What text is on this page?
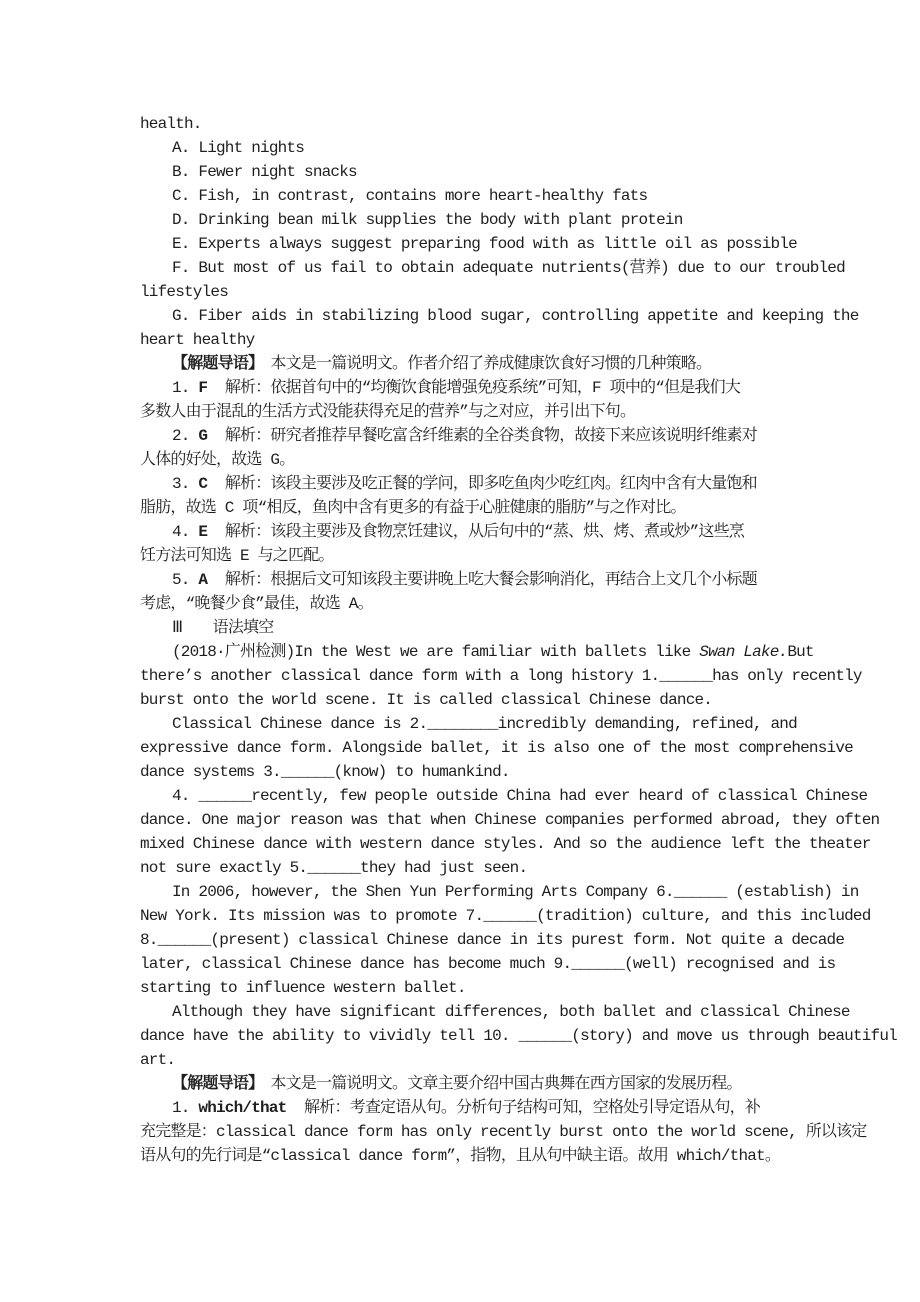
health.
A. Light nights
B. Fewer night snacks
C. Fish, in contrast, contains more heart-healthy fats
D. Drinking bean milk supplies the body with plant protein
E. Experts always suggest preparing food with as little oil as possible
F. But most of us fail to obtain adequate nutrients(营养) due to our troubled
lifestyles
G. Fiber aids in stabilizing blood sugar, controlling appetite and keeping the
heart healthy
【解题导语】　本文是一篇说明文。作者介绍了养成健康饮食好习惯的几种策略。
1. F  解析：依据首句中的“均衡饮食能增强免疫系统”可知，F 项中的“但是我们大
多数人由于混乱的生活方式没能获得充足的营养”与之对应，并引出下句。
2. G  解析：研究者推荐早餐吃富含纤维素的全谷类食物，故接下来应该说明纤维素对
人体的好处，故选 G。
3. C  解析：该段主要涉及吃正餐的学问，即多吃鱼肉少吃红肉。红肉中含有大量饱和
脂肪，故选 C 项“相反，鱼肉中含有更多的有益于心脏健康的脂肪”与之作对比。
4. E  解析：该段主要涉及食物烹饪建议，从后句中的“蒸、烘、烤、煮或炒”这些烹
饪方法可知选 E 与之匹配。
5. A  解析：根据后文可知该段主要讲晚上吃大餐会影响消化，再结合上文几个小标题
考虑，“晚餐少食”最佳，故选 A。
Ⅲ　　语法填空
(2018·广州检测)In the West we are familiar with ballets like Swan Lake.But
there’s another classical dance form with a long history 1.______has only recently
burst onto the world scene. It is called classical Chinese dance.
Classical Chinese dance is 2.________incredibly demanding, refined, and
expressive dance form. Alongside ballet, it is also one of the most comprehensive
dance systems 3.______(know) to humankind.
4. ______recently, few people outside China had ever heard of classical Chinese
dance. One major reason was that when Chinese companies performed abroad, they often
mixed Chinese dance with western dance styles. And so the audience left the theater
not sure exactly 5.______they had just seen.
In 2006, however, the Shen Yun Performing Arts Company 6.______ (establish) in
New York. Its mission was to promote 7.______(tradition) culture, and this included
8.______(present) classical Chinese dance in its purest form. Not quite a decade
later, classical Chinese dance has become much 9.______(well) recognised and is
starting to influence western ballet.
Although they have significant differences, both ballet and classical Chinese
dance have the ability to vividly tell 10. ______(story) and move us through beautiful
art.
【解题导语】　本文是一篇说明文。文章主要介绍中国古典舞在西方国家的发展历程。
1. which/that  解析：考查定语从句。分析句子结构可知，空格处引导定语从句，补
充完整是：classical dance form has only recently burst onto the world scene, 所以该定
语从句的先行词是“classical dance form”，指物，且从句中缺主语。故用 which/that。
